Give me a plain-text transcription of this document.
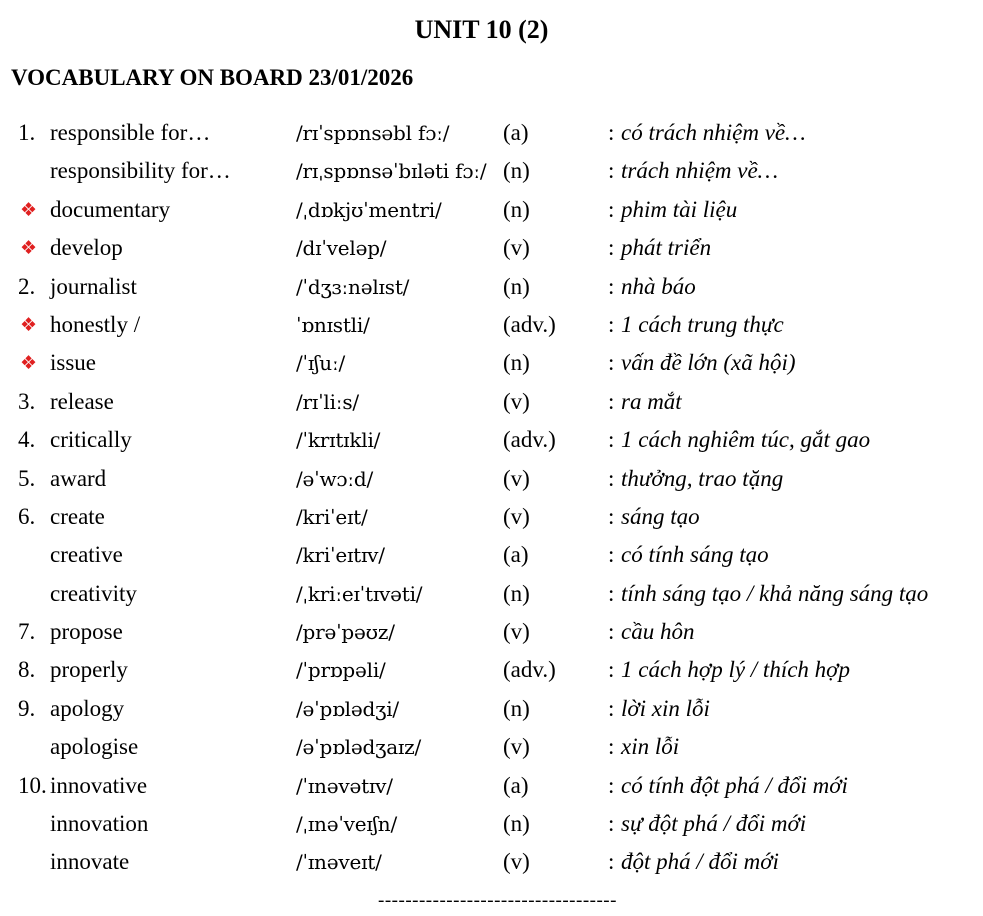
UNIT 10 (2)
VOCABULARY ON BOARD 23/01/2026
1. responsible for…	/rɪˈspɒnsəbl fɔː/ (a)	: có trách nhiệm về…
responsibility for…	/rɪˌspɒnsəˈbɪləti fɔː/ (n)	: trách nhiệm về…
❖ documentary	/ˌdɒkjʊˈmentri/	(n)	: phim tài liệu
❖ develop	/dɪˈveləp/	(v)	: phát triển
2. journalist	/ˈdʒɜːnəlɪst/	(n)	: nhà báo
❖ honestly /	ˈɒnɪstli/	(adv.) : 1 cách trung thực
❖ issue	/ˈɪʃuː/	(n)	: vấn đề lớn (xã hội)
3. release	/rɪˈliːs/	(v)	: ra mắt
4. critically	/ˈkrɪtɪkli/	(adv.) : 1 cách nghiêm túc, gắt gao
5. award	/əˈwɔːd/	(v)	: thưởng, trao tặng
6. create	/kriˈeɪt/	(v)	: sáng tạo
creative	/kriˈeɪtɪv/	(a)	: có tính sáng tạo
creativity	/ˌkriːeɪˈtɪvəti/	(n)	: tính sáng tạo / khả năng sáng tạo
7. propose	/prəˈpəʊz/	(v)	: cầu hôn
8. properly	/ˈprɒpəli/	(adv.) : 1 cách hợp lý / thích hợp
9. apology	/əˈpɒlədʒi/	(n)	: lời xin lỗi
apologise	/əˈpɒlədʒaɪz/	(v)	: xin lỗi
10. innovative	/ˈɪnəvətɪv/	(a)	: có tính đột phá / đổi mới
innovation	/ˌɪnəˈveɪʃn/	(n)	: sự đột phá / đổi mới
innovate	/ˈɪnəveɪt/	(v)	: đột phá / đổi mới
-----------------------------------
